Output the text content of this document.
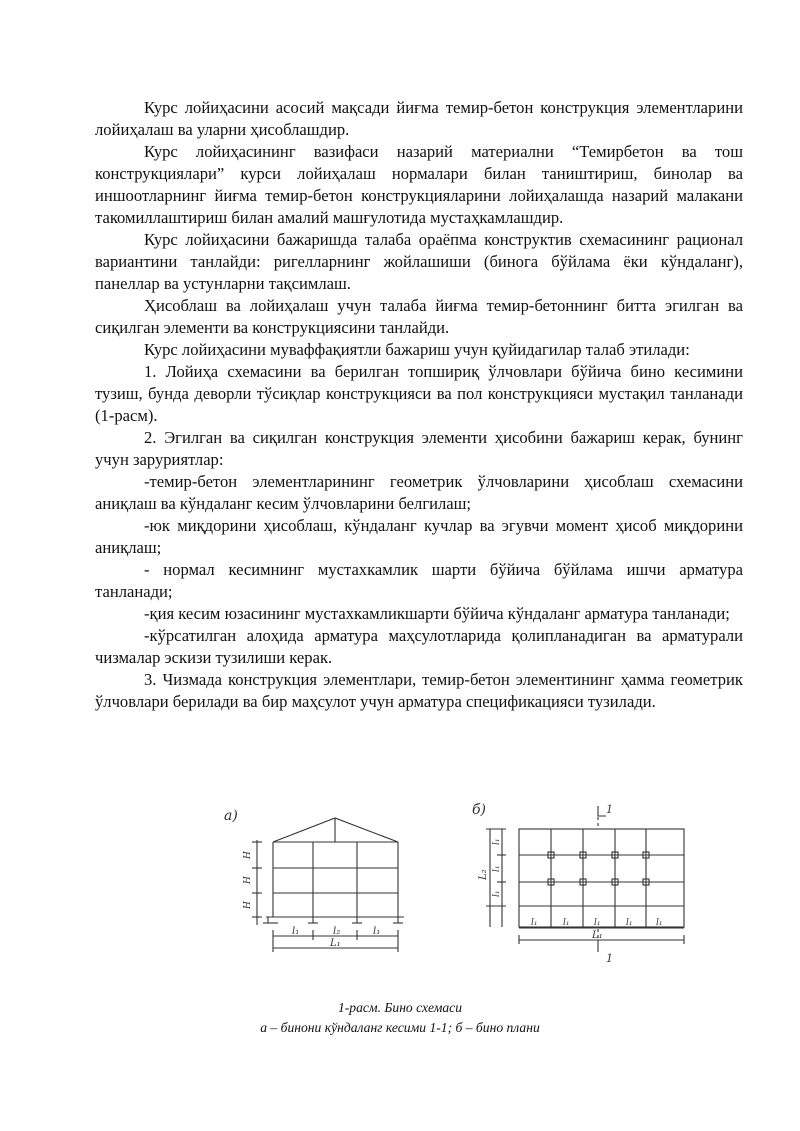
Курс лойиҳасини асосий мақсади йиғма темир-бетон конструкция элементларини лойиҳалаш ва уларни ҳисоблашдир.

Курс лойиҳасининг вазифаси назарий материални “Темирбетон ва тош конструкциялари” курси лойиҳалаш нормалари билан таништириш, бинолар ва иншоотларнинг йиғма темир-бетон конструкцияларини лойиҳалашда назарий малакани такомиллаштириш билан амалий машғулотида мустаҳкамлашдир.

Курс лойиҳасини бажаришда талаба ораёпма конструктив схемасининг рационал вариантини танлайди: ригелларнинг жойлашиши (бинога бўйлама ёки кўндаланг), панеллар ва устунларни тақсимлаш.

Ҳисоблаш ва лойиҳалаш учун талаба йиғма темир-бетоннинг битта эгилган ва сиқилган элементи ва конструкциясини танлайди.

Курс лойиҳасини муваффақиятли бажариш учун қуйидагилар талаб этилади:

1. Лойиҳа схемасини ва берилган топшириқ ўлчовлари бўйича бино кесимини тузиш, бунда деворли тўсиқлар конструкцияси ва пол конструкцияси мустақил танланади (1-расм).

2. Эгилган ва сиқилган конструкция элементи ҳисобини бажариш керак, бунинг учун заруриятлар:

-темир-бетон элементларининг геометрик ўлчовларини ҳисоблаш схемасини аниқлаш ва кўндаланг кесим ўлчовларини белгилаш;

-юк миқдорини ҳисоблаш, кўндаланг кучлар ва эгувчи момент ҳисоб миқдорини аниқлаш;

- нормал кесимнинг мустахкамлик шарти бўйича бўйлама ишчи арматура танланади;

-қия кесим юзасининг мустахкамликшарти бўйича кўндаланг арматура танланади;

-кўрсатилган алоҳида арматура маҳсулотларида қолипланадиган ва арматурали чизмалар эскизи тузилиши керак.

3. Чизмада конструкция элементлари, темир-бетон элементининг ҳамма геометрик ўлчовлари берилади ва бир маҳсулот учун арматура спецификацияси тузилади.

а)	б)
H
H
H
l₁	l₂	l₁
L₁
l₁
l₁
l₁
L₂
l₁	l₁	l₁	l₁	l₁
L₁
1
1
1-расм. Бино схемаси
а – бинони кўндаланг кесими 1-1; б – бино плани
